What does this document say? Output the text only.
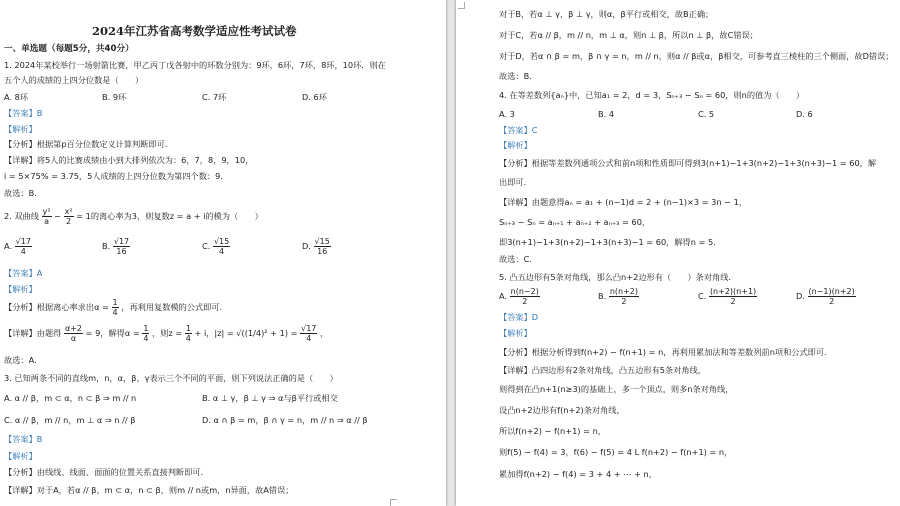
2024年江苏省高考数学适应性考试试卷
一、单选题（每题5分，共40分）
1. 2024年某校举行一场射箭比赛，甲乙丙丁戊各射中的环数分别为：9环，6环，7环，8环，10环．则在
五个人的成绩的上四分位数是（　　）
A. 8环	B. 9环	C. 7环	D. 6环
【答案】B
【解析】
【分析】根据第p百分位数定义计算判断即可.
【详解】将5人的比赛成绩由小到大排列依次为：6，7，8，9，10，
i = 5×75% = 3.75，5人成绩的上四分位数为第四个数：9．
故选：B.
2. 双曲线 $\frac{\text{y²}}{a} - \frac{\text{x²}}{2} = 1$的离心率为3，则复数z = a + i的模为（　　）
A. $\frac{√17}{4}$	B. $\frac{√17}{16}$	C. $\frac{√15}{4}$	D. $\frac{√15}{16}$
【答案】A
【解析】
【分析】根据离心率求出$\alpha = \frac{1}{4}$ ，再利用复数模的公式即可.
【详解】由题得 $\frac{\alpha+2}{\alpha} = 9$，解得$\alpha = \frac{1}{4}$ ，则$z = \frac{1}{4} + i$，$|z| = √((1/4)^2 + 1) = \frac{√17}{4}$ ，
故选：A.
3. 已知两条不同的直线m，n，α，β，γ表示三个不同的平面，则下列说法正确的是（　　）
A. α // β，m ⊂ α，n ⊂ β ⇒ m // n	B. α ⊥ γ，β ⊥ γ ⇒ α与β平行或相交
C. α // β，m // n，m ⊥ α ⇒ n // β	D. α ∩ β = m，β ∩ γ = n，m // n ⇒ α // β
【答案】B
【解析】
【分析】由线线、线面、面面的位置关系直接判断即可.
【详解】对于A，若α // β，m ⊂ α，n ⊂ β，则m // n或m，n异面，故A错误；
对于B，若α ⊥ γ，β ⊥ γ，则α，β平行或相交，故B正确；
对于C，若α // β，m // n，m ⊥ α，则n ⊥ β，所以n ⊥ β，故C错误；
对于D，若α ∩ β = m，β ∩ γ = n，m // n，则α // β或α，β相交，可参考直三棱柱的三个侧面，故D错误；
故选：B.
4. 在等差数列{aₙ}中，已知a₁ = 2，d = 3，Sₙ₊₃ − Sₙ = 60，则n的值为（　　）
A. 3	B. 4	C. 5	D. 6
【答案】C
【解析】
【分析】根据等差数列通项公式和前n项和性质即可得到3(n+1)−1+3(n+2)−1+3(n+3)−1 = 60，解
出即可.
【详解】由题意得aₙ = a₁ + (n−1)d = 2 + (n−1)×3 = 3n − 1，
Sₙ₊₃ − Sₙ = aₙ₊₁ + aₙ₊₂ + aₙ₊₃ = 60，
即3(n+1)−1+3(n+2)−1+3(n+3)−1 = 60，解得n = 5．
故选：C.
5. 凸五边形有5条对角线，那么凸n+2边形有（　　）条对角线．
A. $\frac{n(n-2)}{2}$	B. $\frac{n(n+2)}{2}$	C. $\frac{(n+2)(n+1)}{2}$	D. $\frac{(n-1)(n+2)}{2}$
【答案】D
【解析】
【分析】根据分析得到f(n+2) − f(n+1) = n，再利用累加法和等差数列前n项和公式即可.
【详解】凸四边形有2条对角线，凸五边形有5条对角线，
则得到在凸n+1(n≥3)的基础上，多一个顶点，则多n条对角线，
设凸n+2边形有f(n+2)条对角线，
所以f(n+2) − f(n+1) = n，
则f(5) − f(4) = 3，f(6) − f(5) = 4 L f(n+2) − f(n+1) = n，
累加得f(n+2) − f(4) = 3 + 4 + ⋯ + n，
